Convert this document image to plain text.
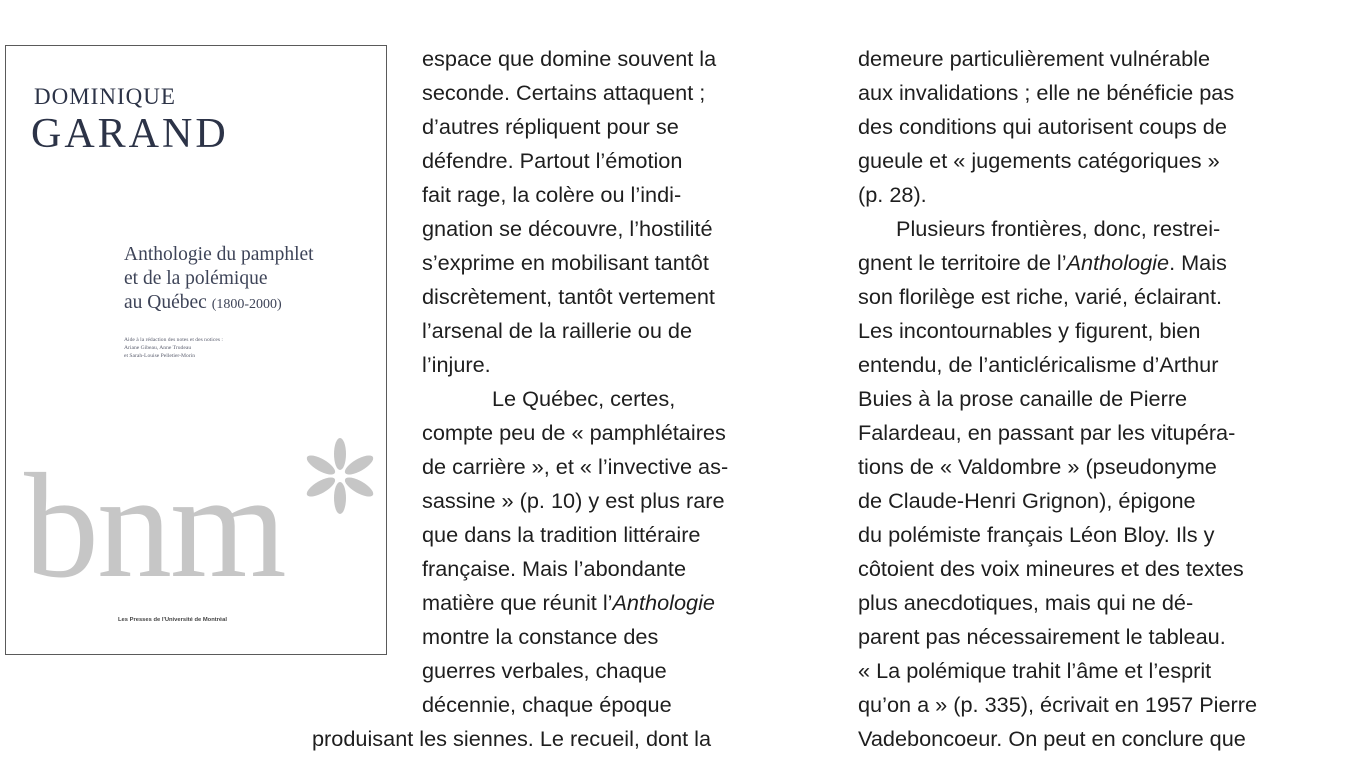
DOMINIQUE
GARAND
Anthologie du pamphlet
et de la polémique
au Québec (1800-2000)
Aide à la rédaction des notes et des notices :
Ariane Gibeau, Anne Trudeau
et Sarah-Louise Pelletier-Morin
bnm
Les Presses de l'Université de Montréal
espace que domine souvent la
seconde. Certains attaquent ;
d’autres répliquent pour se
défendre. Partout l’émotion
fait rage, la colère ou l’indi-
gnation se découvre, l’hostilité
s’exprime en mobilisant tantôt
discrètement, tantôt vertement
l’arsenal de la raillerie ou de
l’injure.
Le Québec, certes,
compte peu de « pamphlétaires
de carrière », et « l’invective as-
sassine » (p. 10) y est plus rare
que dans la tradition littéraire
française. Mais l’abondante
matière que réunit l’Anthologie
montre la constance des
guerres verbales, chaque
décennie, chaque époque
produisant les siennes. Le recueil, dont la
demeure particulièrement vulnérable
aux invalidations ; elle ne bénéficie pas
des conditions qui autorisent coups de
gueule et « jugements catégoriques »
(p. 28).
Plusieurs frontières, donc, restrei-
gnent le territoire de l’Anthologie. Mais
son florilège est riche, varié, éclairant.
Les incontournables y figurent, bien
entendu, de l’anticléricalisme d’Arthur
Buies à la prose canaille de Pierre
Falardeau, en passant par les vitupéra-
tions de « Valdombre » (pseudonyme
de Claude-Henri Grignon), épigone
du polémiste français Léon Bloy. Ils y
côtoient des voix mineures et des textes
plus anecdotiques, mais qui ne dé-
parent pas nécessairement le tableau.
« La polémique trahit l’âme et l’esprit
qu’on a » (p. 335), écrivait en 1957 Pierre
Vadeboncoeur. On peut en conclure que
